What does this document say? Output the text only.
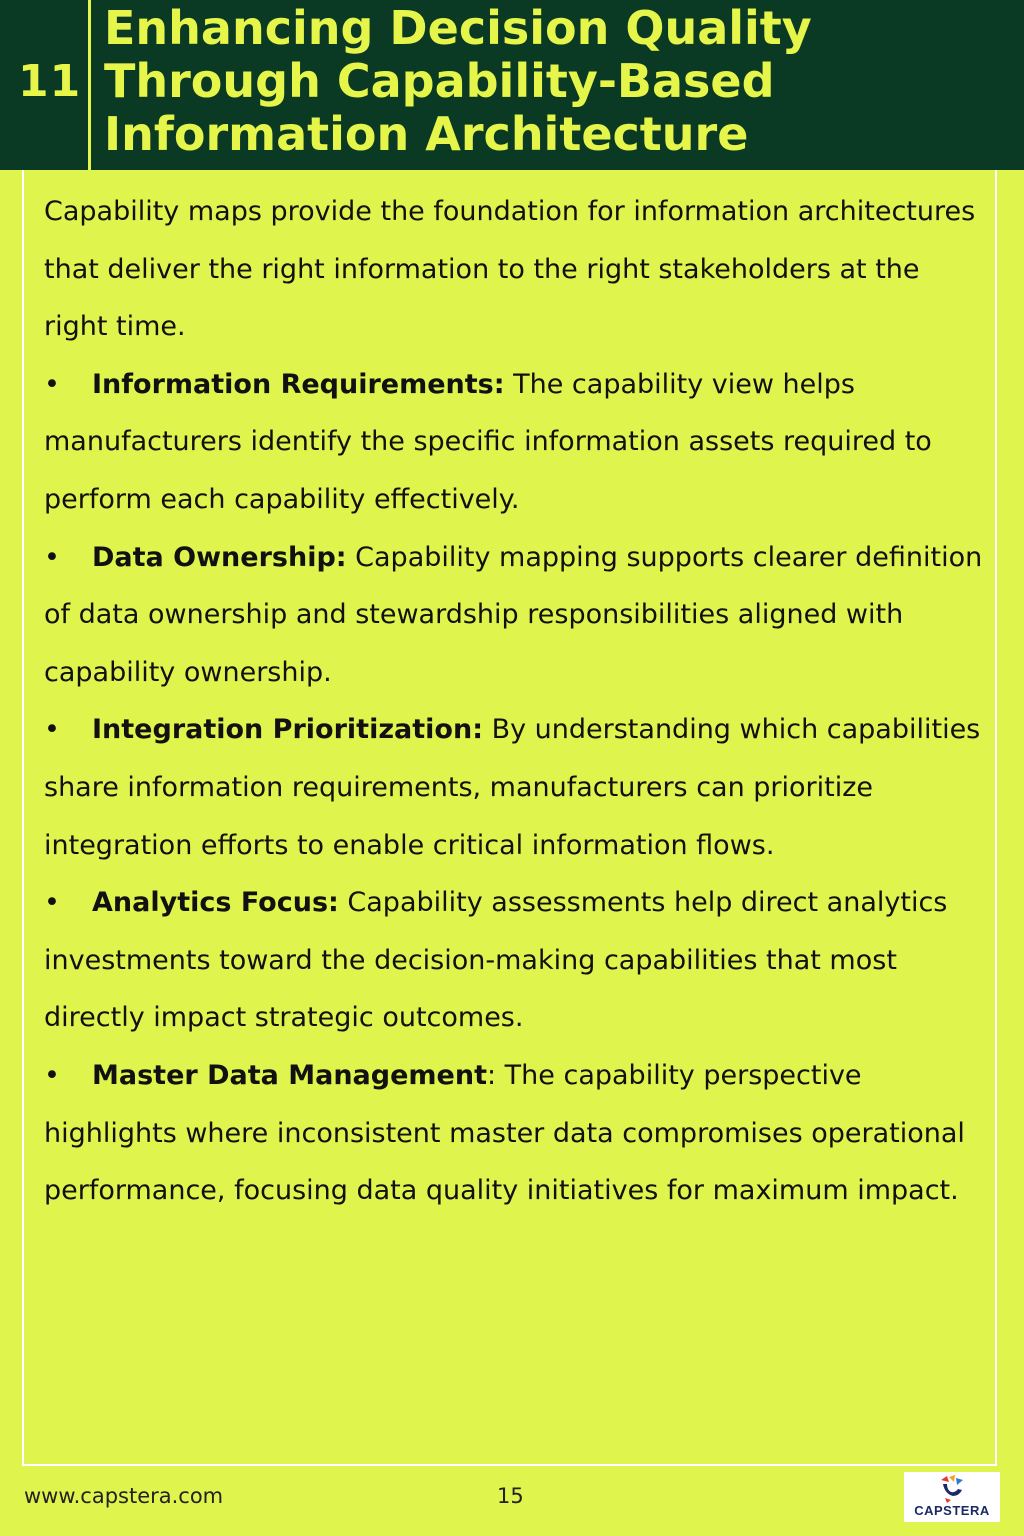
11
Enhancing Decision Quality Through Capability-Based Information Architecture

Capability maps provide the foundation for information architectures that deliver the right information to the right stakeholders at the right time.

• Information Requirements: The capability view helps manufacturers identify the specific information assets required to perform each capability effectively.

• Data Ownership: Capability mapping supports clearer definition of data ownership and stewardship responsibilities aligned with capability ownership.

• Integration Prioritization: By understanding which capabilities share information requirements, manufacturers can prioritize integration efforts to enable critical information flows.

• Analytics Focus: Capability assessments help direct analytics investments toward the decision-making capabilities that most directly impact strategic outcomes.

• Master Data Management: The capability perspective highlights where inconsistent master data compromises operational performance, focusing data quality initiatives for maximum impact.

www.capstera.com	15
CAPSTERA
